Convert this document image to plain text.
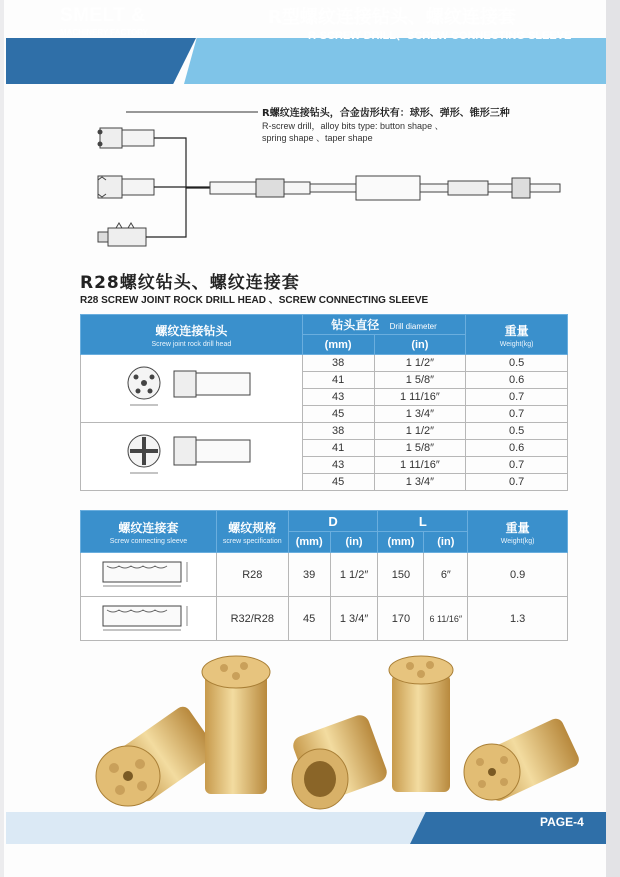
SMELT &
MACHINERY FACTORY
R型螺纹连接钻头、螺纹连接套
R-SCREW DRILL、SCREW CONNECTING SLEEVE
R螺纹连接钻头，合金齿形状有：球形、弹形、锥形三种
R-screw drill，alloy bits type: button shape 、
spring shape 、taper shape
R28螺纹钻头、螺纹连接套
R28 SCREW JOINT ROCK DRILL HEAD 、SCREW CONNECTING SLEEVE
螺纹连接钻头
Screw joint rock drill head	钻头直径 Drill diameter		重量
Weight(kg)

	(mm)	(in)	
	38	1 1/2″	0.5
	41	1 5/8″	0.6
	43	1 11/16″	0.7
	45	1 3/4″	0.7
	38	1 1/2″	0.5
	41	1 5/8″	0.6
	43	1 11/16″	0.7
	45	1 3/4″	0.7
螺纹连接套
Screw connecting sleeve	螺纹规格
screw specification	D		L		重量
Weight(kg)

		(mm)	(in)	(mm)	(in)	
	R28	39	1 1/2″	150	6″	0.9
	R32/R28	45	1 3/4″	170	6 11/16″	1.3
PAGE-4
